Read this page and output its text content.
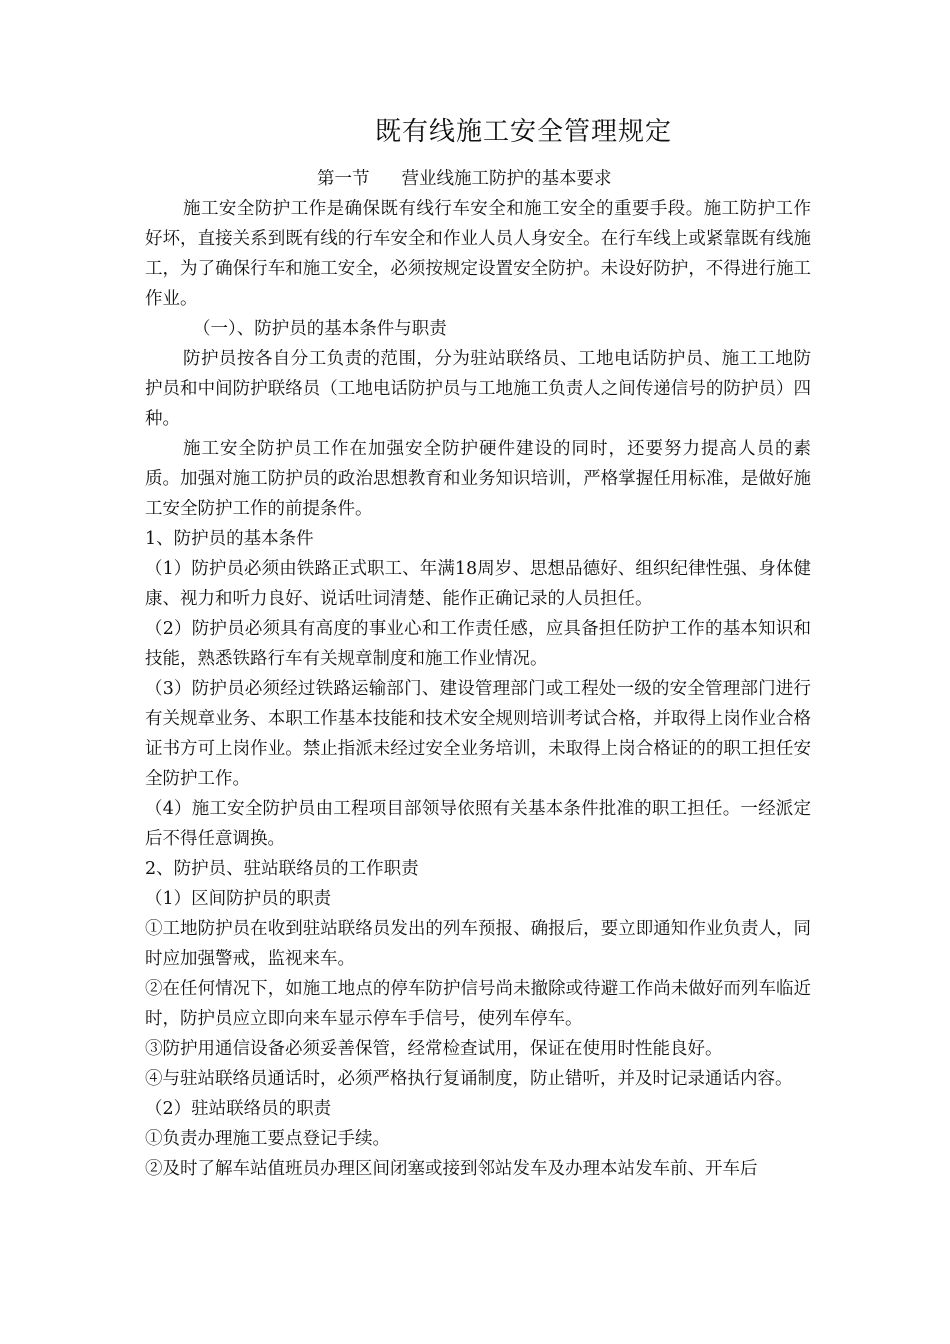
既有线施工安全管理规定
第一节 营业线施工防护的基本要求

施工安全防护工作是确保既有线行车安全和施工安全的重要手段。施工防护工作好坏，直接关系到既有线的行车安全和作业人员人身安全。在行车线上或紧靠既有线施工，为了确保行车和施工安全，必须按规定设置安全防护。未设好防护，不得进行施工作业。

（一）、防护员的基本条件与职责

防护员按各自分工负责的范围，分为驻站联络员、工地电话防护员、施工工地防护员和中间防护联络员（工地电话防护员与工地施工负责人之间传递信号的防护员）四种。

施工安全防护员工作在加强安全防护硬件建设的同时，还要努力提高人员的素质。加强对施工防护员的政治思想教育和业务知识培训，严格掌握任用标准，是做好施工安全防护工作的前提条件。

1、防护员的基本条件

（1）防护员必须由铁路正式职工、年满18周岁、思想品德好、组织纪律性强、身体健康、视力和听力良好、说话吐词清楚、能作正确记录的人员担任。

（2）防护员必须具有高度的事业心和工作责任感，应具备担任防护工作的基本知识和技能，熟悉铁路行车有关规章制度和施工作业情况。

（3）防护员必须经过铁路运输部门、建设管理部门或工程处一级的安全管理部门进行有关规章业务、本职工作基本技能和技术安全规则培训考试合格，并取得上岗作业合格证书方可上岗作业。禁止指派未经过安全业务培训，未取得上岗合格证的的职工担任安全防护工作。

（4）施工安全防护员由工程项目部领导依照有关基本条件批准的职工担任。一经派定后不得任意调换。

2、防护员、驻站联络员的工作职责

（1）区间防护员的职责

①工地防护员在收到驻站联络员发出的列车预报、确报后，要立即通知作业负责人，同时应加强警戒，监视来车。

②在任何情况下，如施工地点的停车防护信号尚未撤除或待避工作尚未做好而列车临近时，防护员应立即向来车显示停车手信号，使列车停车。

③防护用通信设备必须妥善保管，经常检查试用，保证在使用时性能良好。

④与驻站联络员通话时，必须严格执行复诵制度，防止错听，并及时记录通话内容。

（2）驻站联络员的职责

①负责办理施工要点登记手续。

②及时了解车站值班员办理区间闭塞或接到邻站发车及办理本站发车前、开车后
